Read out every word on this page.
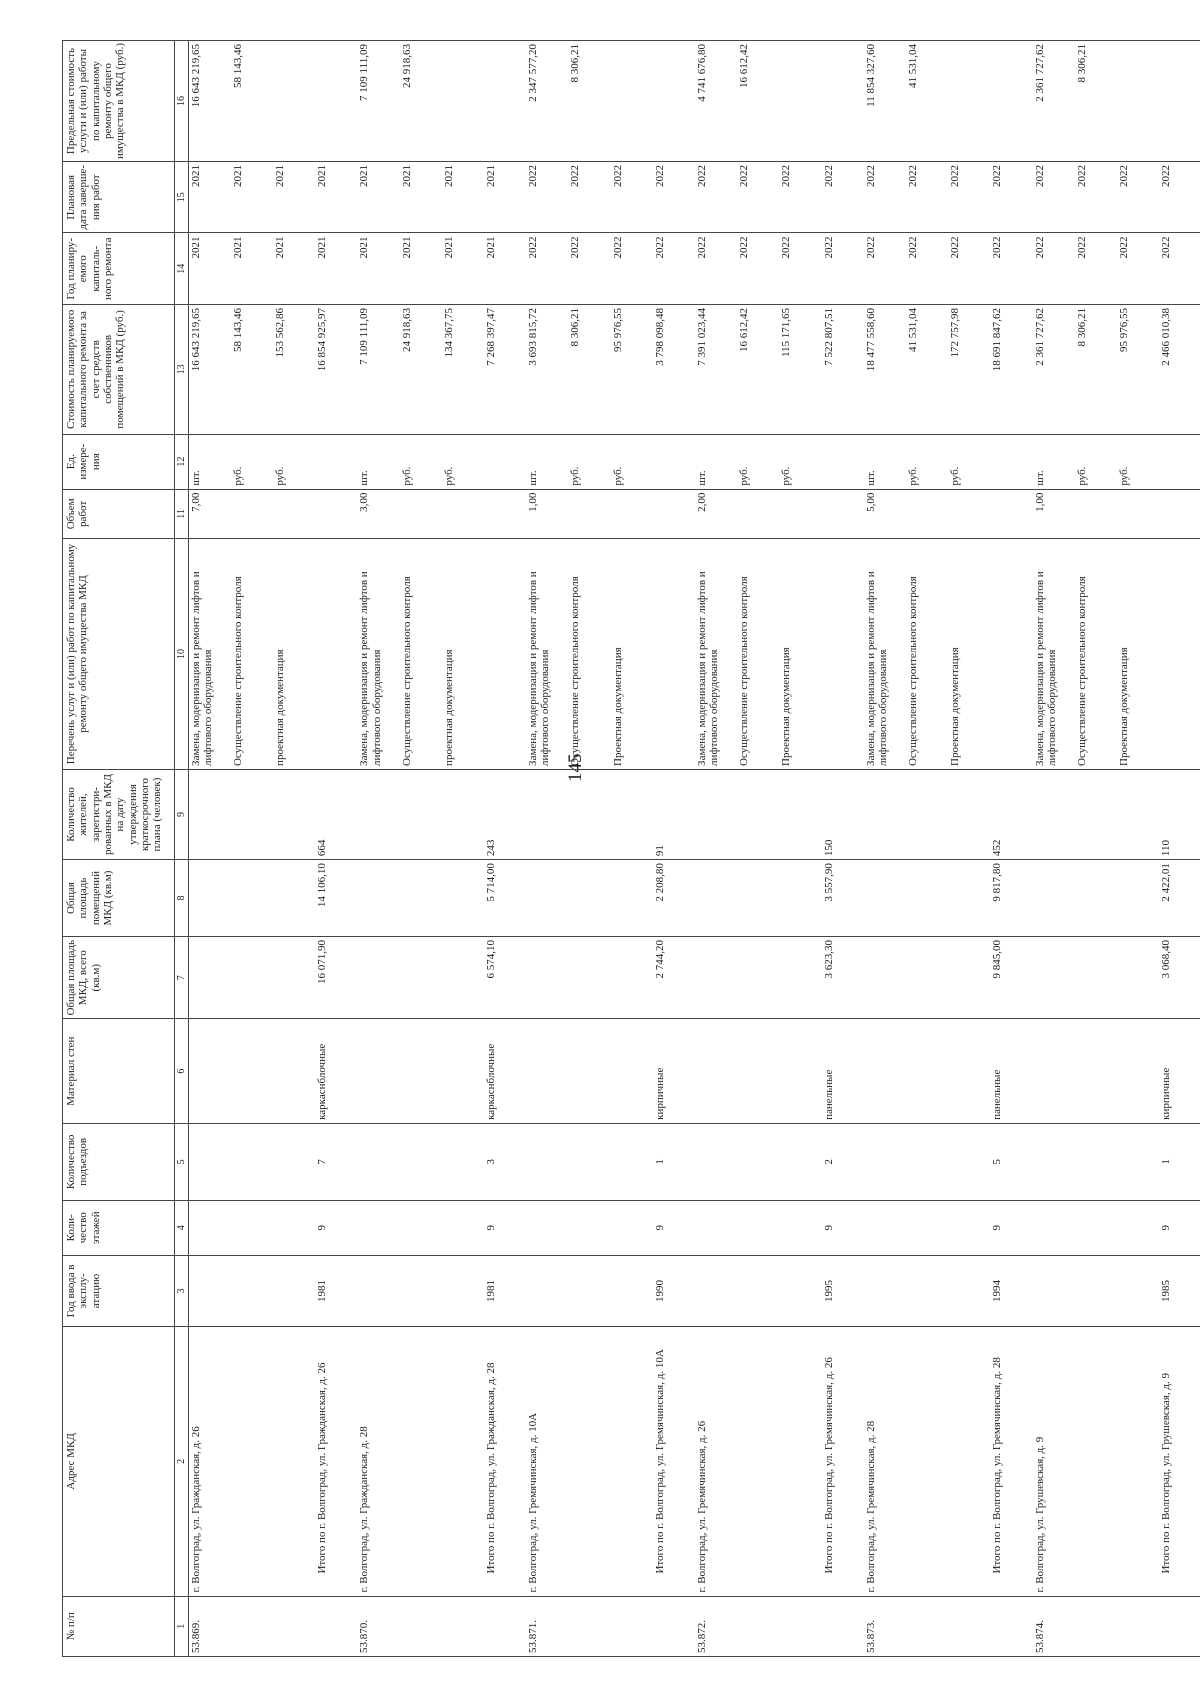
145
№ п/п	Адрес МКД	Год ввода в эксплу-атацию	Коли-чество этажей	Количество подъездов	Материал стен	Общая площадь МКД, всего (кв.м)	Общая площадь помещений МКД (кв.м)	Количество жителей, зарегистри-рованных в МКД на дату утверждения краткосрочного плана (человек)	Перечень услуг и (или) работ по капитальному ремонту общего имущества МКД	Объем работ	Ед. измере-ния	Стоимость планируемого капитального ремонта за счет средств собственников помещений в МКД (руб.)	Год планиру-емого капиталь-ного ремонта	Плановая дата заверше-ния работ	Предельная стоимость услуги и (или) работы по капитальному ремонту общего имущества в МКД (руб.)
1	2	3	4	5	6	7	8	9	10	11	12	13	14	15	16
53.869.	г. Волгоград, ул. Гражданская, д. 26								Замена, модернизация и ремонт лифтов и лифтового оборудования	7,00	шт.	16 643 219,65	2021	2021	16 643 219,65
									Осуществление строительного контроля		руб.	58 143,46	2021	2021	58 143,46
									проектная документация		руб.	153 562,86	2021	2021	
	Итого по г. Волгоград, ул. Гражданская, д. 26	1981	9	7	каркаснблочные	16 071,90	14 106,10	664				16 854 925,97	2021	2021	
53.870.	г. Волгоград, ул. Гражданская, д. 28								Замена, модернизация и ремонт лифтов и лифтового оборудования	3,00	шт.	7 109 111,09	2021	2021	7 109 111,09
									Осуществление строительного контроля		руб.	24 918,63	2021	2021	24 918,63
									проектная документация		руб.	134 367,75	2021	2021	
	Итого по г. Волгоград, ул. Гражданская, д. 28	1981	9	3	каркаснблочные	6 574,10	5 714,00	243				7 268 397,47	2021	2021	
53.871.	г. Волгоград, ул. Гремячинская, д. 10А								Замена, модернизация и ремонт лифтов и лифтового оборудования	1,00	шт.	3 693 815,72	2022	2022	2 347 577,20
									Осуществление строительного контроля		руб.	8 306,21	2022	2022	8 306,21
									Проектная документация		руб.	95 976,55	2022	2022	
	Итого по г. Волгоград, ул. Гремячинская, д. 10А	1990	9	1	кирпичные	2 744,20	2 208,80	91				3 798 098,48	2022	2022	
53.872.	г. Волгоград, ул. Гремячинская, д. 26								Замена, модернизация и ремонт лифтов и лифтового оборудования	2,00	шт.	7 391 023,44	2022	2022	4 741 676,80
									Осуществление строительного контроля		руб.	16 612,42	2022	2022	16 612,42
									Проектная документация		руб.	115 171,65	2022	2022	
	Итого по г. Волгоград, ул. Гремячинская, д. 26	1995	9	2	панельные	3 623,30	3 557,90	150				7 522 807,51	2022	2022	
53.873.	г. Волгоград, ул. Гремячинская, д. 28								Замена, модернизация и ремонт лифтов и лифтового оборудования	5,00	шт.	18 477 558,60	2022	2022	11 854 327,60
									Осуществление строительного контроля		руб.	41 531,04	2022	2022	41 531,04
									Проектная документация		руб.	172 757,98	2022	2022	
	Итого по г. Волгоград, ул. Гремячинская, д. 28	1994	9	5	панельные	9 845,00	9 817,80	452				18 691 847,62	2022	2022	
53.874.	г. Волгоград, ул. Грушевская, д. 9								Замена, модернизация и ремонт лифтов и лифтового оборудования	1,00	шт.	2 361 727,62	2022	2022	2 361 727,62
									Осуществление строительного контроля		руб.	8 306,21	2022	2022	8 306,21
									Проектная документация		руб.	95 976,55	2022	2022	
	Итого по г. Волгоград, ул. Грушевская, д. 9	1985	9	1	кирпичные	3 068,40	2 422,01	110				2 466 010,38	2022	2022	
